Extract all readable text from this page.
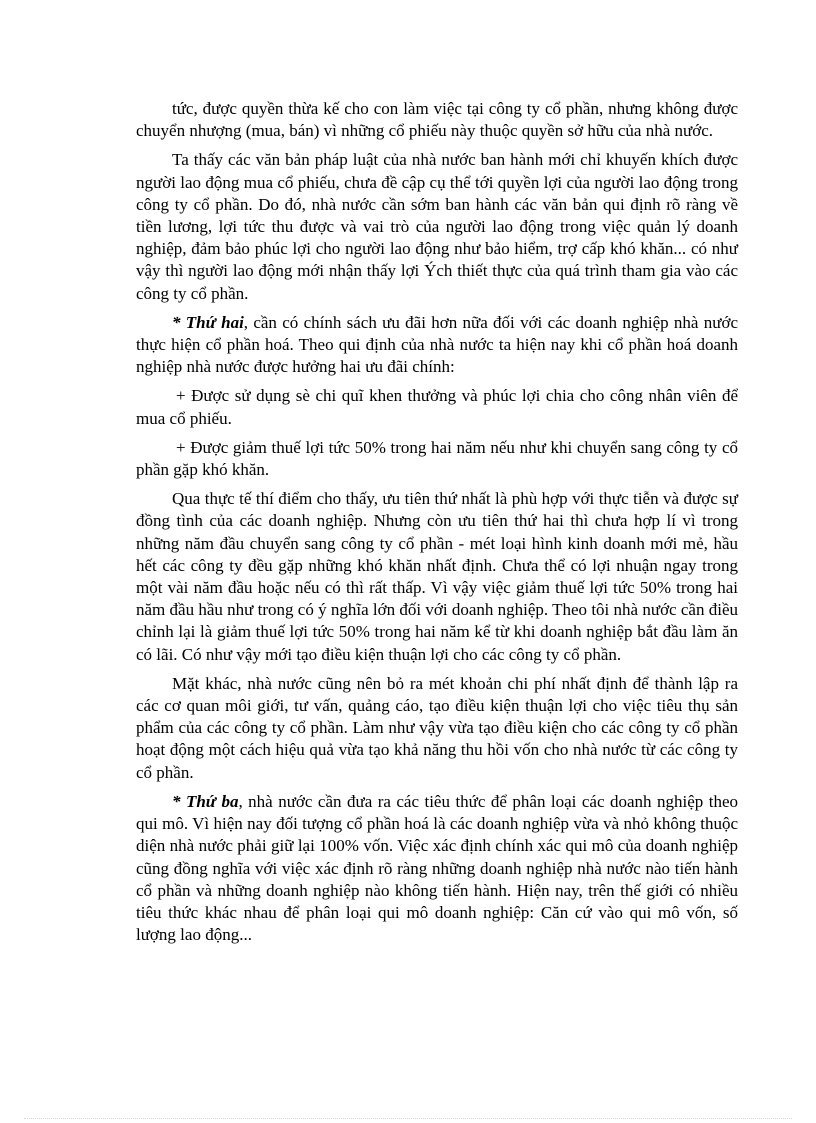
tức, được quyền thừa kế cho con làm việc tại công ty cổ phần, nhưng không được chuyển nhượng (mua, bán) vì những cổ phiếu này thuộc quyền sở hữu của nhà nước.

Ta thấy các văn bản pháp luật của nhà nước ban hành mới chỉ khuyến khích được người lao động mua cổ phiếu, chưa đề cập cụ thể tới quyền lợi của người lao động trong công ty cổ phần. Do đó, nhà nước cần sớm ban hành các văn bản qui định rõ ràng về tiền lương, lợi tức thu được và vai trò của người lao động trong việc quản lý doanh nghiệp, đảm bảo phúc lợi cho người lao động như bảo hiểm, trợ cấp khó khăn... có như vậy thì người lao động mới nhận thấy lợi Ých thiết thực của quá trình tham gia vào các công ty cổ phần.

* Thứ hai, cần có chính sách ưu đãi hơn nữa đối với các doanh nghiệp nhà nước thực hiện cổ phần hoá. Theo qui định của nhà nước ta hiện nay khi cổ phần hoá doanh nghiệp nhà nước được hưởng hai ưu đãi chính:

+ Được sử dụng sè chi quĩ khen thưởng và phúc lợi chia cho công nhân viên để mua cổ phiếu.

+ Được giảm thuế lợi tức 50% trong hai năm nếu như khi chuyển sang công ty cổ phần gặp khó khăn.

Qua thực tế thí điểm cho thấy, ưu tiên thứ nhất là phù hợp với thực tiễn và được sự đồng tình của các doanh nghiệp. Nhưng còn ưu tiên thứ hai thì chưa hợp lí vì trong những năm đầu chuyển sang công ty cổ phần - mét loại hình kinh doanh mới mẻ, hầu hết các công ty đều gặp những khó khăn nhất định. Chưa thể có lợi nhuận ngay trong một vài năm đầu hoặc nếu có thì rất thấp. Vì vậy việc giảm thuế lợi tức 50% trong hai năm đầu hầu như trong có ý nghĩa lớn đối với doanh nghiệp. Theo tôi nhà nước cần điều chỉnh lại là giảm thuế lợi tức 50% trong hai năm kể từ khi doanh nghiệp bắt đầu làm ăn có lãi. Có như vậy mới tạo điều kiện thuận lợi cho các công ty cổ phần.

Mặt khác, nhà nước cũng nên bỏ ra mét khoản chi phí nhất định để thành lập ra các cơ quan môi giới, tư vấn, quảng cáo, tạo điều kiện thuận lợi cho việc tiêu thụ sản phẩm của các công ty cổ phần. Làm như vậy vừa tạo điều kiện cho các công ty cổ phần hoạt động một cách hiệu quả vừa tạo khả năng thu hồi vốn cho nhà nước từ các công ty cổ phần.

* Thứ ba, nhà nước cần đưa ra các tiêu thức để phân loại các doanh nghiệp theo qui mô. Vì hiện nay đối tượng cổ phần hoá là các doanh nghiệp vừa và nhỏ không thuộc diện nhà nước phải giữ lại 100% vốn. Việc xác định chính xác qui mô của doanh nghiệp cũng đồng nghĩa với việc xác định rõ ràng những doanh nghiệp nhà nước nào tiến hành cổ phần và những doanh nghiệp nào không tiến hành. Hiện nay, trên thế giới có nhiều tiêu thức khác nhau để phân loại qui mô doanh nghiệp: Căn cứ vào qui mô vốn, số lượng lao động...
